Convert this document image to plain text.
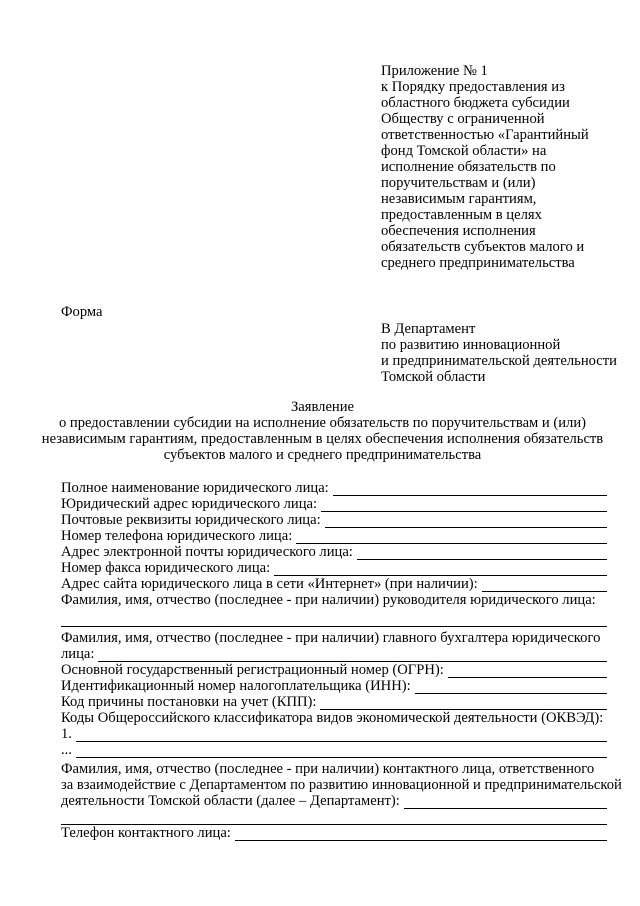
Приложение № 1
к Порядку предоставления из
областного бюджета субсидии
Обществу с ограниченной
ответственностью «Гарантийный
фонд Томской области» на
исполнение обязательств по
поручительствам и (или)
независимым гарантиям,
предоставленным в целях
обеспечения исполнения
обязательств субъектов малого и
среднего предпринимательства
Форма
В Департамент
по развитию инновационной
и предпринимательской деятельности
Томской области
Заявление
о предоставлении субсидии на исполнение обязательств по поручительствам и (или)
независимым гарантиям, предоставленным в целях обеспечения исполнения обязательств
субъектов малого и среднего предпринимательства
Полное наименование юридического лица:
Юридический адрес юридического лица:
Почтовые реквизиты юридического лица:
Номер телефона юридического лица:
Адрес электронной почты юридического лица:
Номер факса юридического лица:
Адрес сайта юридического лица в сети «Интернет» (при наличии):
Фамилия, имя, отчество (последнее - при наличии) руководителя юридического лица:
Фамилия, имя, отчество (последнее - при наличии) главного бухгалтера юридического
лица:
Основной государственный регистрационный номер (ОГРН):
Идентификационный номер налогоплательщика (ИНН):
Код причины постановки на учет (КПП):
Коды Общероссийского классификатора видов экономической деятельности (ОКВЭД):
1.
...
Фамилия, имя, отчество (последнее - при наличии) контактного лица, ответственного
за взаимодействие с Департаментом по развитию инновационной и предпринимательской
деятельности Томской области (далее – Департамент):
Телефон контактного лица:
